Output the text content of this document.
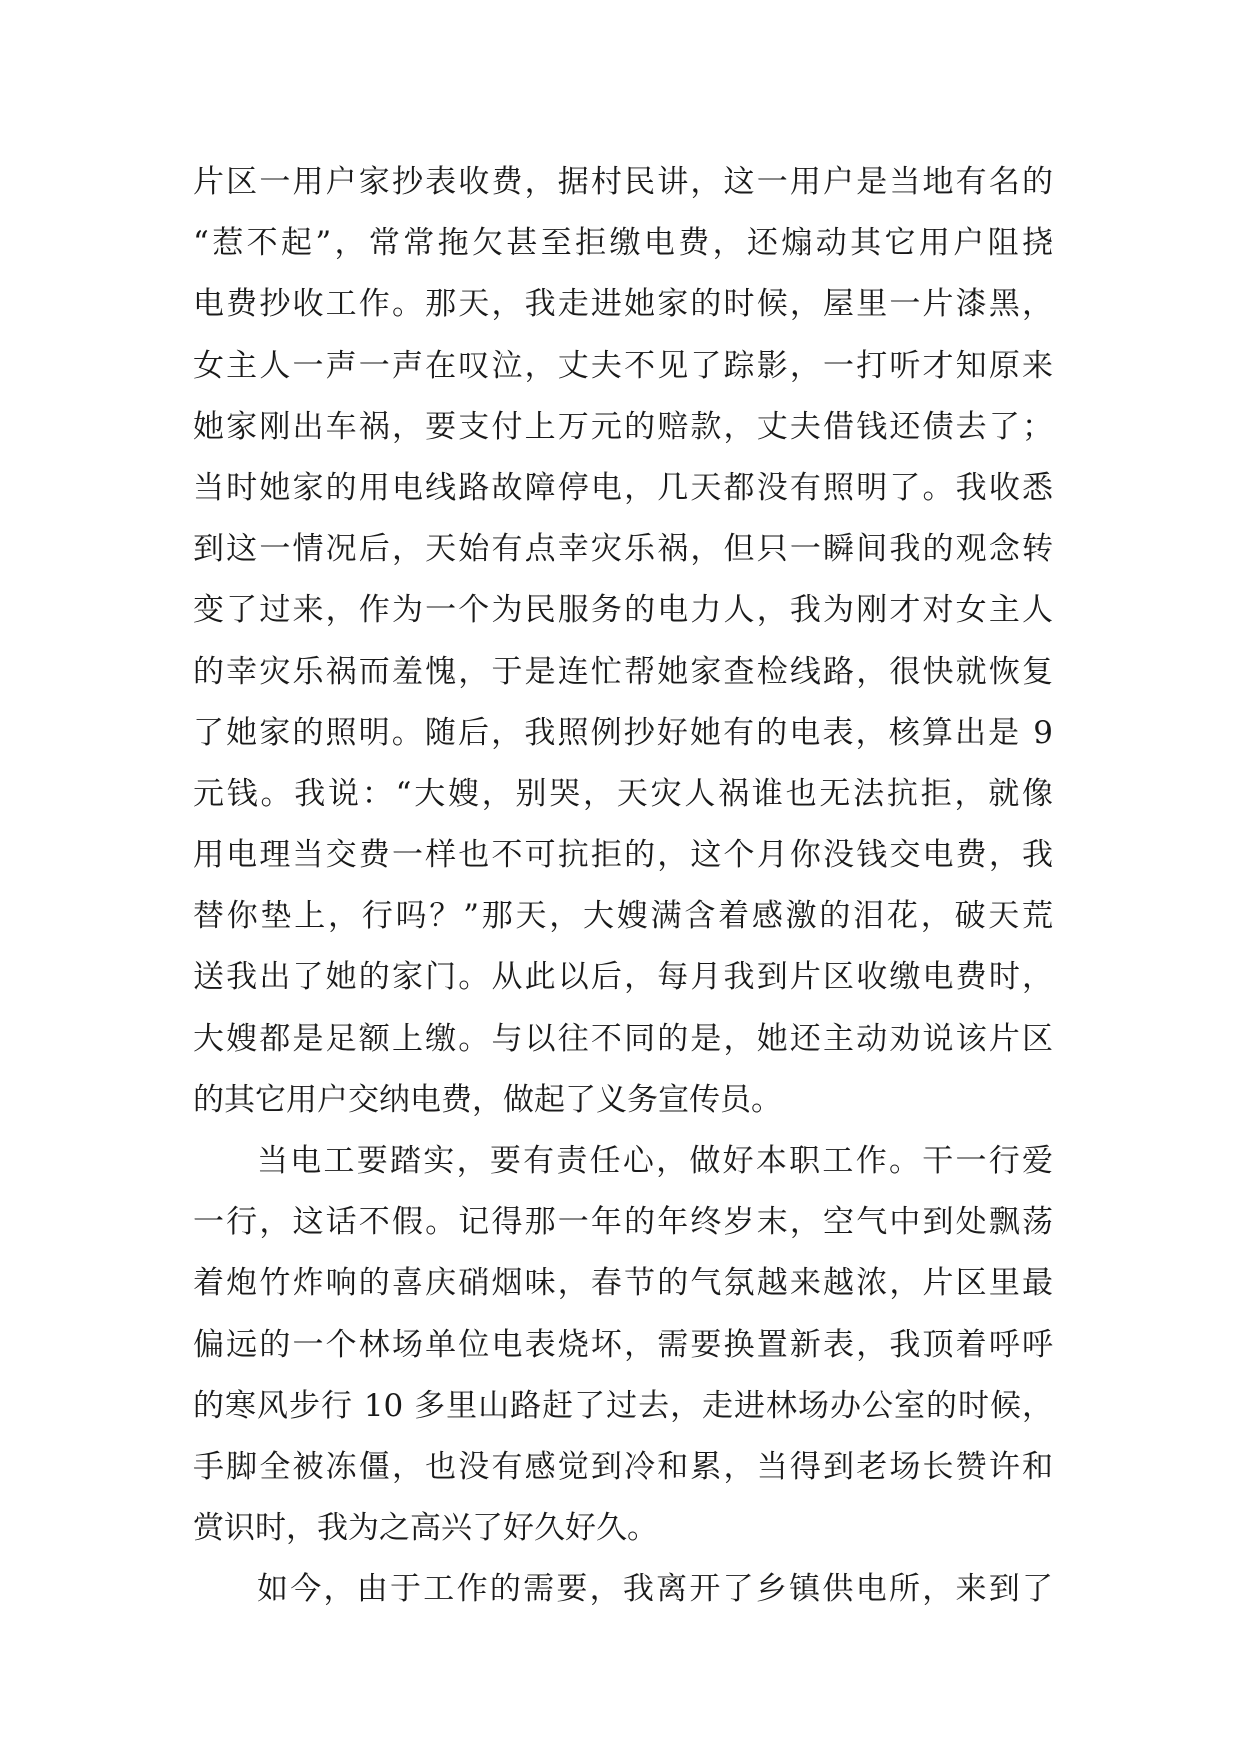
片区一用户家抄表收费，据村民讲，这一用户是当地有名的
“惹不起”，常常拖欠甚至拒缴电费，还煽动其它用户阻挠
电费抄收工作。那天，我走进她家的时候，屋里一片漆黑，
女主人一声一声在叹泣，丈夫不见了踪影，一打听才知原来
她家刚出车祸，要支付上万元的赔款，丈夫借钱还债去了；
当时她家的用电线路故障停电，几天都没有照明了。我收悉
到这一情况后，天始有点幸灾乐祸，但只一瞬间我的观念转
变了过来，作为一个为民服务的电力人，我为刚才对女主人
的幸灾乐祸而羞愧，于是连忙帮她家查检线路，很快就恢复
了她家的照明。随后，我照例抄好她有的电表，核算出是 9
元钱。我说：“大嫂，别哭，天灾人祸谁也无法抗拒，就像
用电理当交费一样也不可抗拒的，这个月你没钱交电费，我
替你垫上，行吗？”那天，大嫂满含着感激的泪花，破天荒
送我出了她的家门。从此以后，每月我到片区收缴电费时，
大嫂都是足额上缴。与以往不同的是，她还主动劝说该片区
的其它用户交纳电费，做起了义务宣传员。
当电工要踏实，要有责任心，做好本职工作。干一行爱
一行，这话不假。记得那一年的年终岁末，空气中到处飘荡
着炮竹炸响的喜庆硝烟味，春节的气氛越来越浓，片区里最
偏远的一个林场单位电表烧坏，需要换置新表，我顶着呼呼
的寒风步行 10 多里山路赶了过去，走进林场办公室的时候，
手脚全被冻僵，也没有感觉到冷和累，当得到老场长赞许和
赏识时，我为之高兴了好久好久。
如今，由于工作的需要，我离开了乡镇供电所，来到了
